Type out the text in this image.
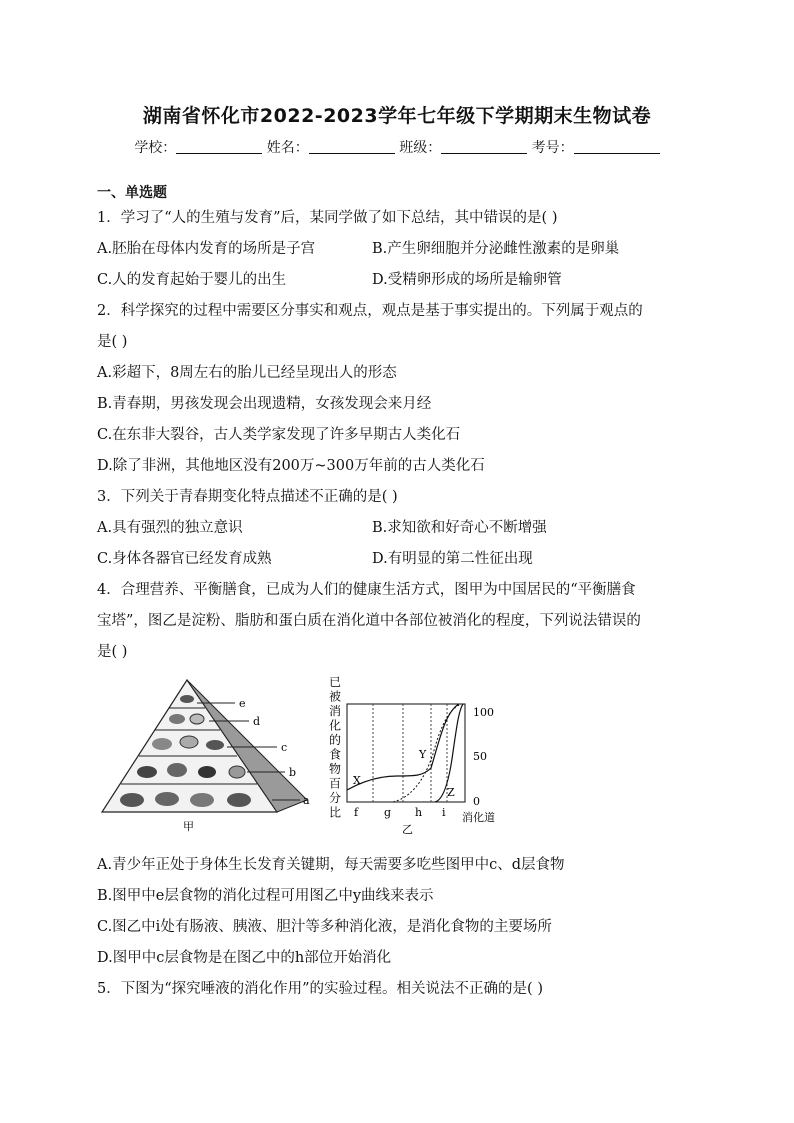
湖南省怀化市2022-2023学年七年级下学期期末生物试卷
学校：	姓名：	班级：	考号：
一、单选题
1．学习了“人的生殖与发育”后，某同学做了如下总结，其中错误的是( )
A.胚胎在母体内发育的场所是子宫	B.产生卵细胞并分泌雌性激素的是卵巢
C.人的发育起始于婴儿的出生	D.受精卵形成的场所是输卵管
2．科学探究的过程中需要区分事实和观点，观点是基于事实提出的。下列属于观点的
是( )
A.彩超下，8周左右的胎儿已经呈现出人的形态
B.青春期，男孩发现会出现遗精，女孩发现会来月经
C.在东非大裂谷，古人类学家发现了许多早期古人类化石
D.除了非洲，其他地区没有200万~300万年前的古人类化石
3．下列关于青春期变化特点描述不正确的是( )
A.具有强烈的独立意识	B.求知欲和好奇心不断增强
C.身体各器官已经发育成熟	D.有明显的第二性征出现
4．合理营养、平衡膳食，已成为人们的健康生活方式，图甲为中国居民的“平衡膳食
宝塔”，图乙是淀粉、脂肪和蛋白质在消化道中各部位被消化的程度，下列说法错误的
是( )
e
d
c
b
a
甲
已
被
消
化
的
食
物
百
分
比
X
Y
Z
100
50
0
f g h i 消化道
乙
A.青少年正处于身体生长发育关键期，每天需要多吃些图甲中c、d层食物
B.图甲中e层食物的消化过程可用图乙中y曲线来表示
C.图乙中i处有肠液、胰液、胆汁等多种消化液，是消化食物的主要场所
D.图甲中c层食物是在图乙中的h部位开始消化
5．下图为“探究唾液的消化作用”的实验过程。相关说法不正确的是( )
